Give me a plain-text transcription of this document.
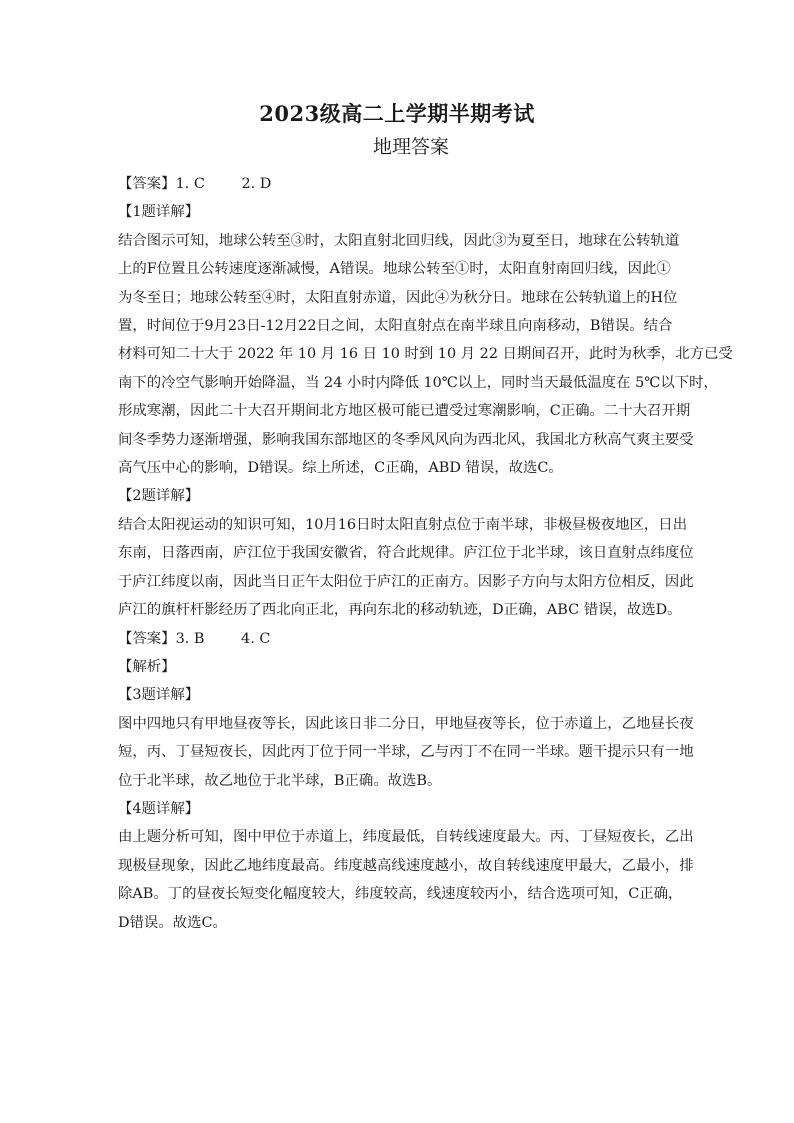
2023级高二上学期半期考试
地理答案

【答案】1. C        2. D

【1题详解】

结合图示可知，地球公转至③时，太阳直射北回归线，因此③为夏至日，地球在公转轨道

上的F位置且公转速度逐渐减慢，A错误。地球公转至①时，太阳直射南回归线，因此①

为冬至日；地球公转至④时，太阳直射赤道，因此④为秋分日。地球在公转轨道上的H位

置，时间位于9月23日-12月22日之间，太阳直射点在南半球且向南移动，B错误。结合

材料可知二十大于 2022 年 10 月 16 日 10 时到 10 月 22 日期间召开，此时为秋季，北方已受

南下的冷空气影响开始降温，当 24 小时内降低 10℃以上，同时当天最低温度在 5℃以下时，

形成寒潮，因此二十大召开期间北方地区极可能已遭受过寒潮影响，C正确。二十大召开期

间冬季势力逐渐增强，影响我国东部地区的冬季风风向为西北风，我国北方秋高气爽主要受

高气压中心的影响，D错误。综上所述，C正确，ABD 错误，故选C。

【2题详解】

结合太阳视运动的知识可知，10月16日时太阳直射点位于南半球，非极昼极夜地区，日出

东南，日落西南，庐江位于我国安徽省，符合此规律。庐江位于北半球，该日直射点纬度位

于庐江纬度以南，因此当日正午太阳位于庐江的正南方。因影子方向与太阳方位相反，因此

庐江的旗杆杆影经历了西北向正北，再向东北的移动轨迹，D正确，ABC 错误，故选D。

【答案】3. B        4. C

【解析】

【3题详解】

图中四地只有甲地昼夜等长，因此该日非二分日，甲地昼夜等长，位于赤道上，乙地昼长夜

短，丙、丁昼短夜长，因此丙丁位于同一半球，乙与丙丁不在同一半球。题干提示只有一地

位于北半球，故乙地位于北半球，B正确。故选B。

【4题详解】

由上题分析可知，图中甲位于赤道上，纬度最低，自转线速度最大。丙、丁昼短夜长，乙出

现极昼现象，因此乙地纬度最高。纬度越高线速度越小，故自转线速度甲最大，乙最小，排

除AB。丁的昼夜长短变化幅度较大，纬度较高，线速度较丙小，结合选项可知，C正确，

D错误。故选C。
